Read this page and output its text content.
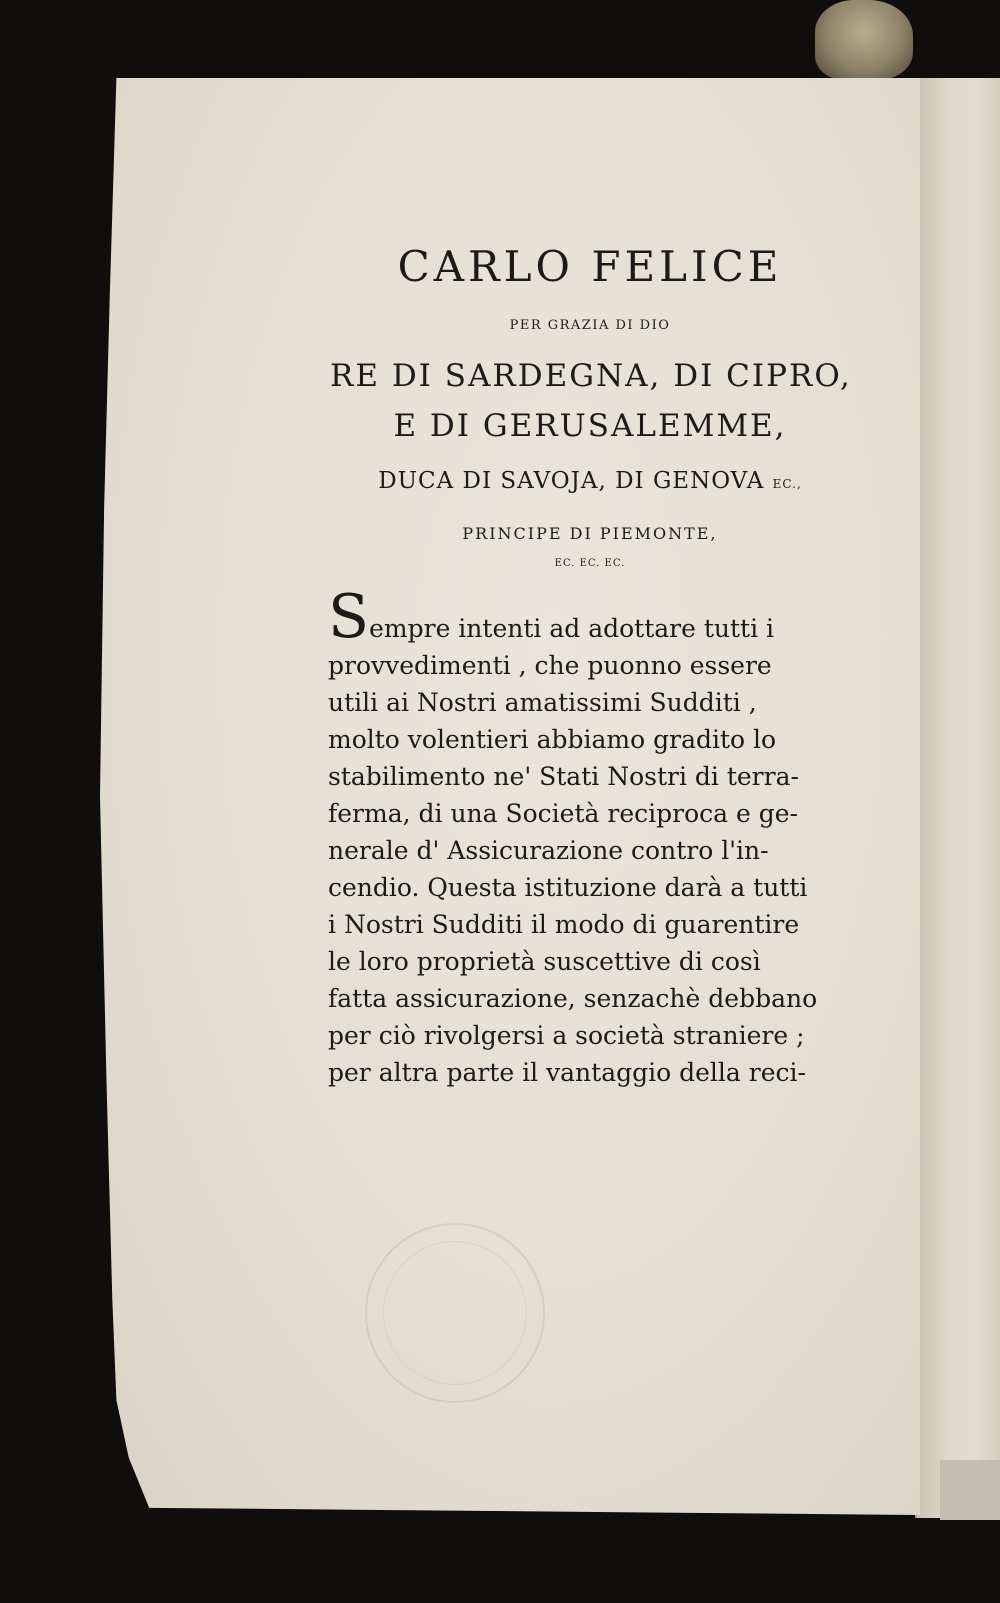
CARLO FELICE
PER GRAZIA DI DIO
RE DI SARDEGNA, DI CIPRO,
E DI GERUSALEMME,
DUCA DI SAVOJA, DI GENOVA EC.,
PRINCIPE DI PIEMONTE,
EC. EC. EC.
Sempre intenti ad adottare tutti i
provvedimenti , che puonno essere
utili ai Nostri amatissimi Sudditi ,
molto volentieri abbiamo gradito lo
stabilimento ne' Stati Nostri di terra-
ferma, di una Società reciproca e ge-
nerale d' Assicurazione contro l'in-
cendio. Questa istituzione darà a tutti
i Nostri Sudditi il modo di guarentire
le loro proprietà suscettive di così
fatta assicurazione, senzachè debbano
per ciò rivolgersi a società straniere ;
per altra parte il vantaggio della reci-
